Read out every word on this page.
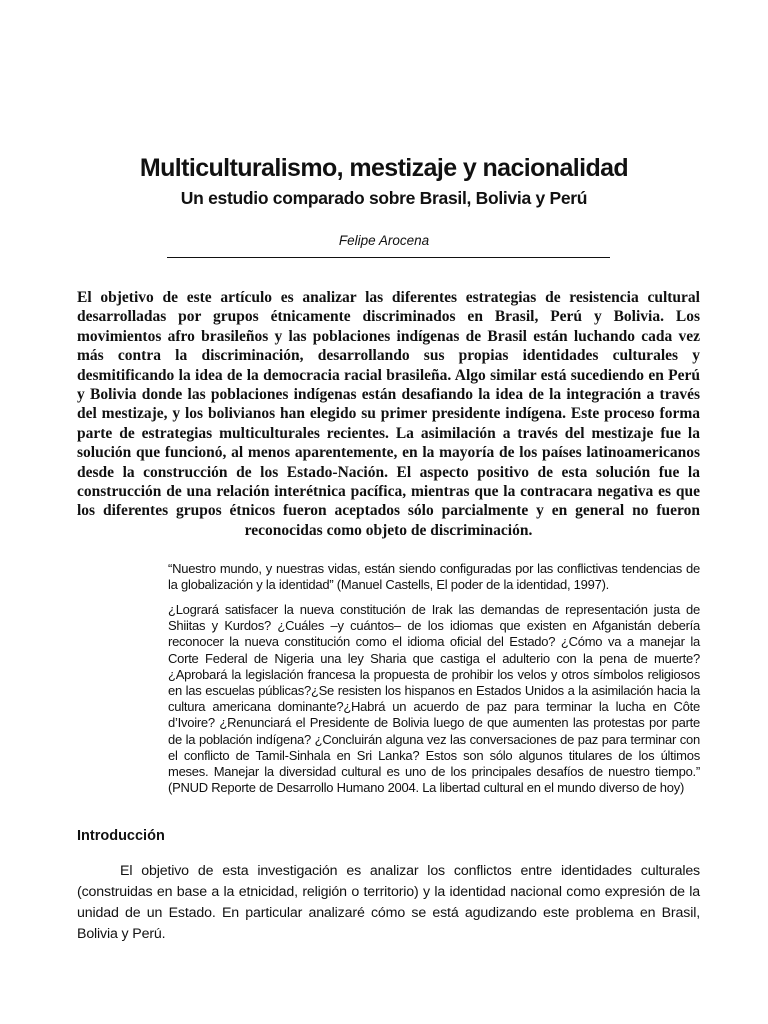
Multiculturalismo, mestizaje y nacionalidad
Un estudio comparado sobre Brasil, Bolivia y Perú

Felipe Arocena

El objetivo de este artículo es analizar las diferentes estrategias de resistencia cultural desarrolladas por grupos étnicamente discriminados en Brasil, Perú y Bolivia. Los movimientos afro brasileños y las poblaciones indígenas de Brasil están luchando cada vez más contra la discriminación, desarrollando sus propias identidades culturales y desmitificando la idea de la democracia racial brasileña. Algo similar está sucediendo en Perú y Bolivia donde las poblaciones indígenas están desafiando la idea de la integración a través del mestizaje, y los bolivianos han elegido su primer presidente indígena. Este proceso forma parte de estrategias multiculturales recientes. La asimilación a través del mestizaje fue la solución que funcionó, al menos aparentemente, en la mayoría de los países latinoamericanos desde la construcción de los Estado-Nación. El aspecto positivo de esta solución fue la construcción de una relación interétnica pacífica, mientras que la contracara negativa es que los diferentes grupos étnicos fueron aceptados sólo parcialmente y en general no fueron reconocidas como objeto de discriminación.

“Nuestro mundo, y nuestras vidas, están siendo configuradas por las conflictivas tendencias de la globalización y la identidad” (Manuel Castells, El poder de la identidad, 1997).

¿Logrará satisfacer la nueva constitución de Irak las demandas de representación justa de Shiitas y Kurdos? ¿Cuáles –y cuántos– de los idiomas que existen en Afganistán debería reconocer la nueva constitución como el idioma oficial del Estado? ¿Cómo va a manejar la Corte Federal de Nigeria una ley Sharia que castiga el adulterio con la pena de muerte? ¿Aprobará la legislación francesa la propuesta de prohibir los velos y otros símbolos religiosos en las escuelas públicas?¿Se resisten los hispanos en Estados Unidos a la asimilación hacia la cultura americana dominante?¿Habrá un acuerdo de paz para terminar la lucha en Côte d’Ivoire? ¿Renunciará el Presidente de Bolivia luego de que aumenten las protestas por parte de la población indígena? ¿Concluirán alguna vez las conversaciones de paz para terminar con el conflicto de Tamil-Sinhala en Sri Lanka? Estos son sólo algunos titulares de los últimos meses. Manejar la diversidad cultural es uno de los principales desafíos de nuestro tiempo.” (PNUD Reporte de Desarrollo Humano 2004. La libertad cultural en el mundo diverso de hoy)

Introducción

El objetivo de esta investigación es analizar los conflictos entre identidades culturales (construidas en base a la etnicidad, religión o territorio) y la identidad nacional como expresión de la unidad de un Estado. En particular analizaré cómo se está agudizando este problema en Brasil, Bolivia y Perú.
